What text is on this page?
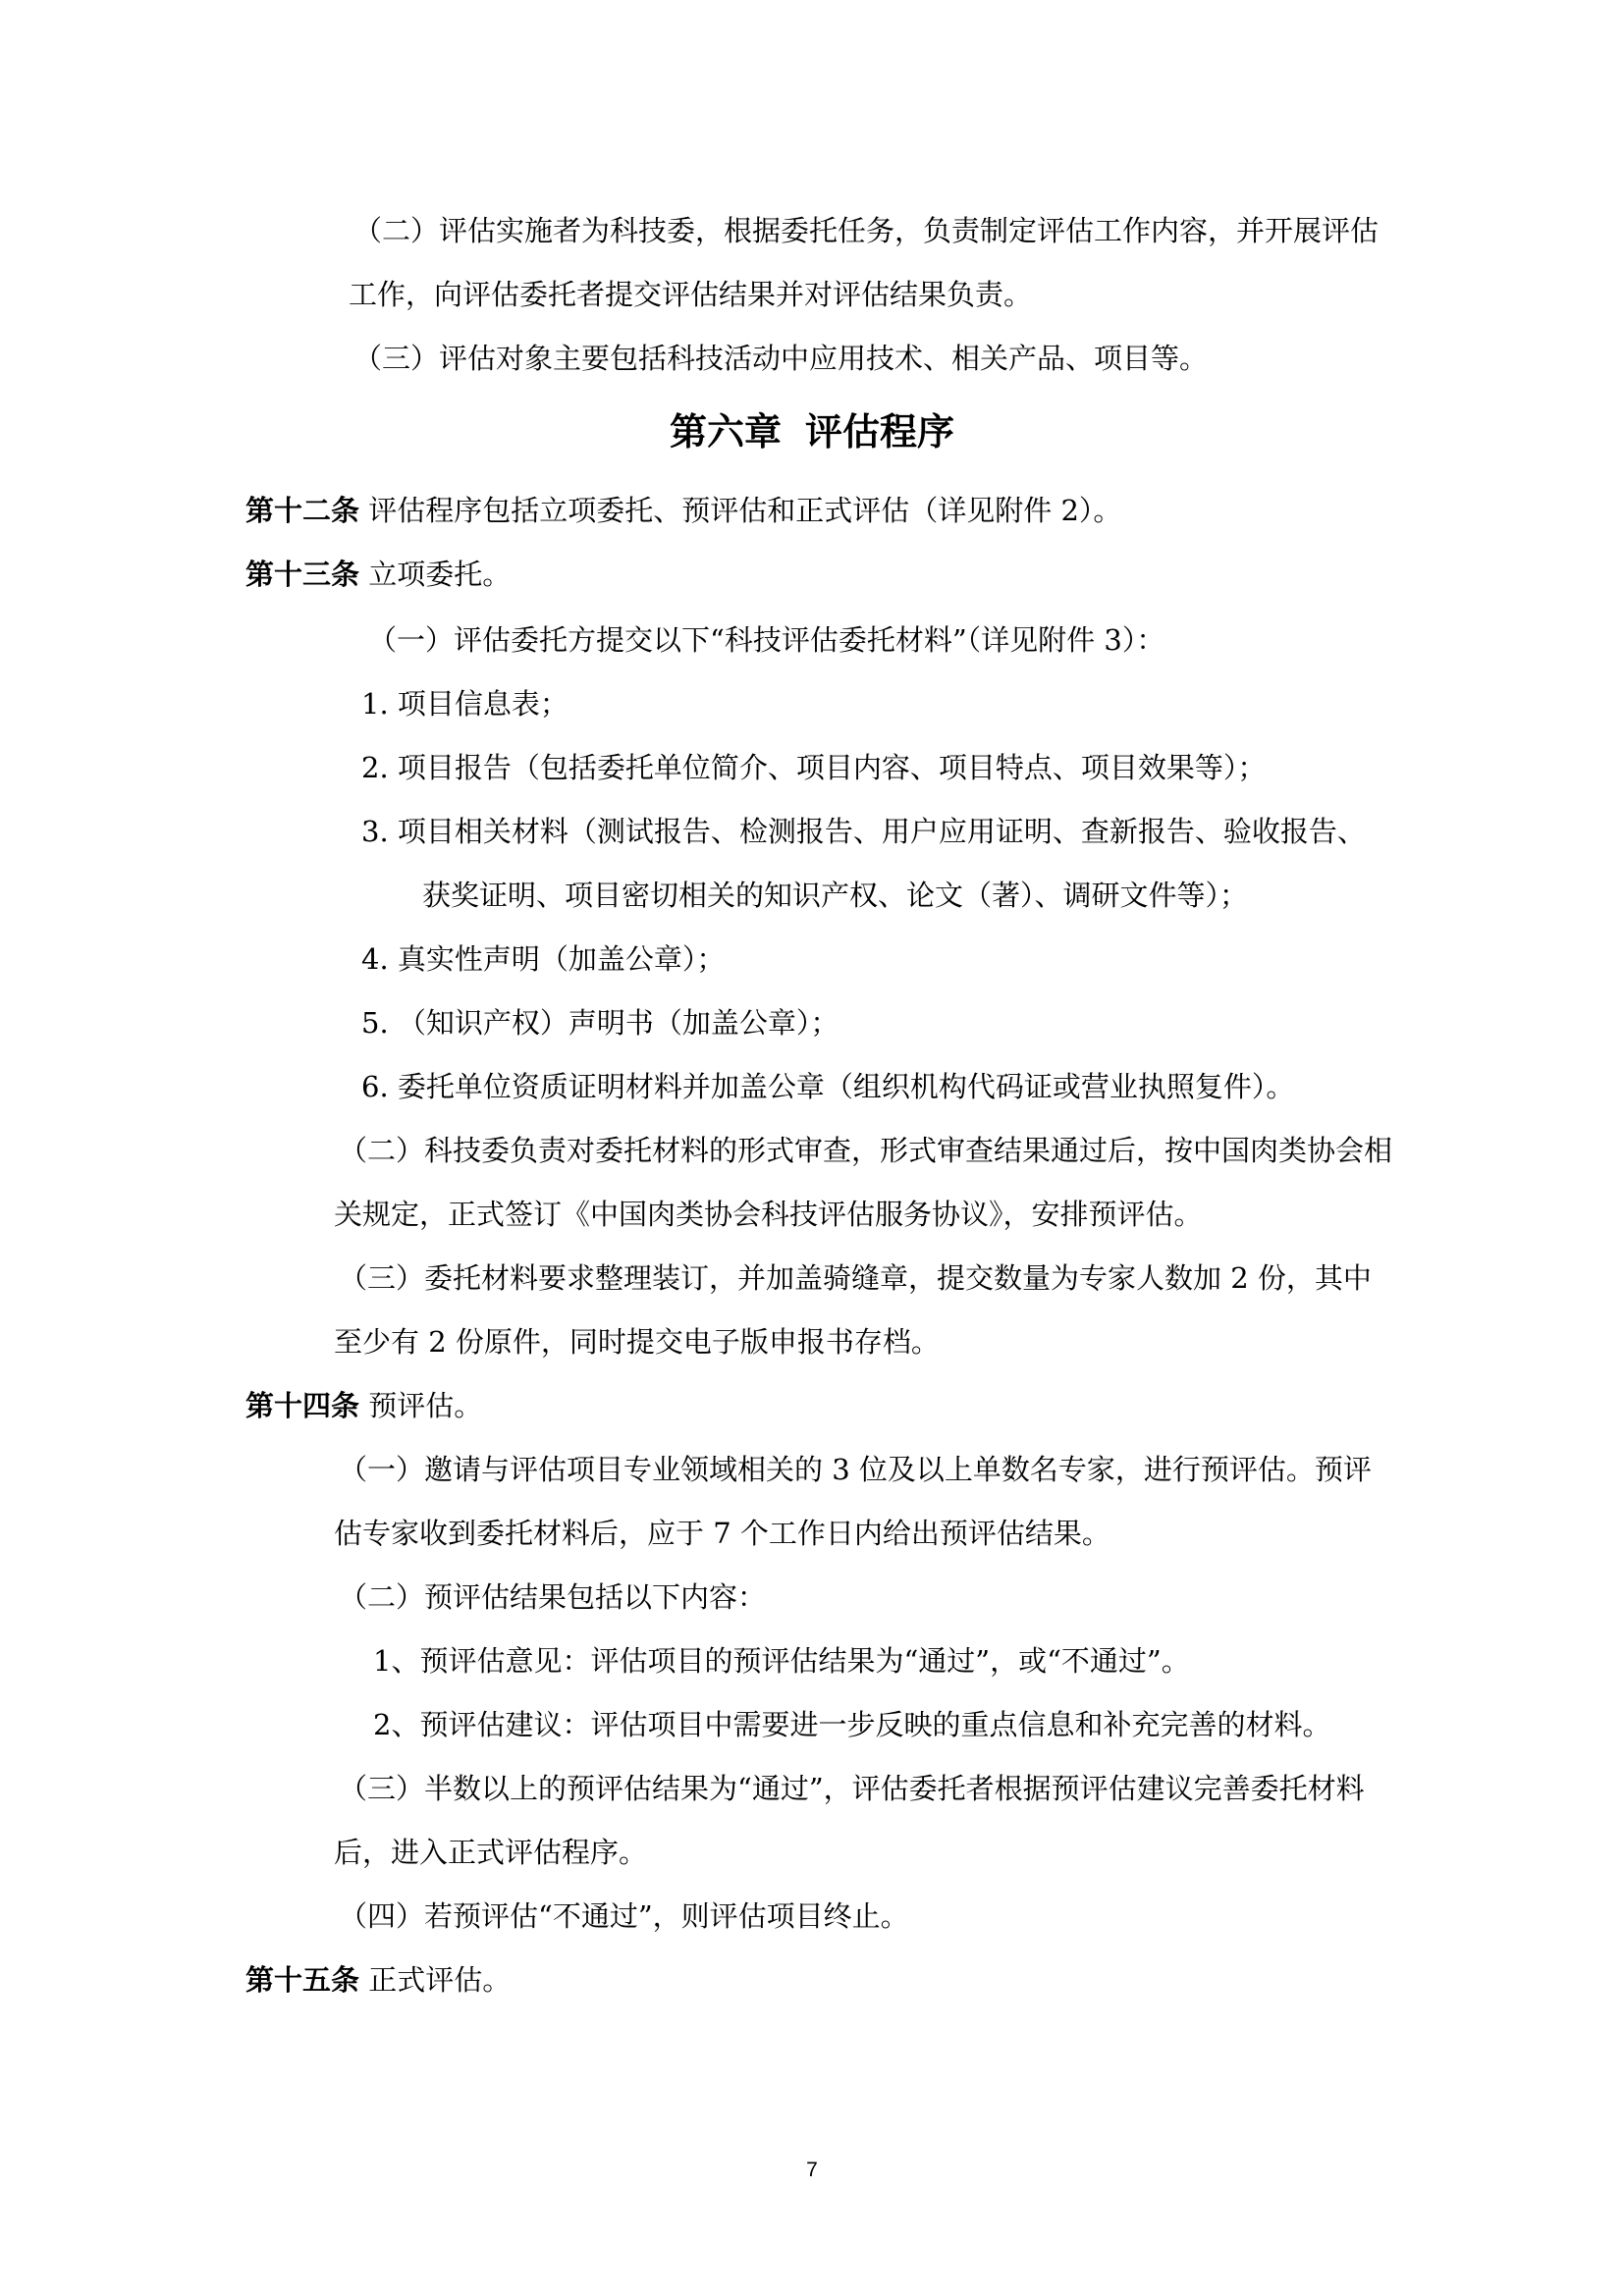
（二）评估实施者为科技委，根据委托任务，负责制定评估工作内容，并开展评估

工作，向评估委托者提交评估结果并对评估结果负责。

（三）评估对象主要包括科技活动中应用技术、相关产品、项目等。

第六章 评估程序

第十二条 评估程序包括立项委托、预评估和正式评估（详见附件 2）。

第十三条 立项委托。

（一）评估委托方提交以下“科技评估委托材料”（详见附件 3）：

1. 项目信息表；

2. 项目报告（包括委托单位简介、项目内容、项目特点、项目效果等）；

3. 项目相关材料（测试报告、检测报告、用户应用证明、查新报告、验收报告、

获奖证明、项目密切相关的知识产权、论文（著）、调研文件等）；

4. 真实性声明（加盖公章）；

5. （知识产权）声明书（加盖公章）；

6. 委托单位资质证明材料并加盖公章（组织机构代码证或营业执照复件）。

（二）科技委负责对委托材料的形式审查，形式审查结果通过后，按中国肉类协会相

关规定，正式签订《中国肉类协会科技评估服务协议》，安排预评估。

（三）委托材料要求整理装订，并加盖骑缝章，提交数量为专家人数加 2 份，其中

至少有 2 份原件，同时提交电子版申报书存档。

第十四条 预评估。

（一）邀请与评估项目专业领域相关的 3 位及以上单数名专家，进行预评估。预评

估专家收到委托材料后，应于 7 个工作日内给出预评估结果。

（二）预评估结果包括以下内容：

1、预评估意见：评估项目的预评估结果为“通过”，或“不通过”。

2、预评估建议：评估项目中需要进一步反映的重点信息和补充完善的材料。

（三）半数以上的预评估结果为“通过”，评估委托者根据预评估建议完善委托材料

后，进入正式评估程序。

（四）若预评估“不通过”，则评估项目终止。

第十五条 正式评估。

7
